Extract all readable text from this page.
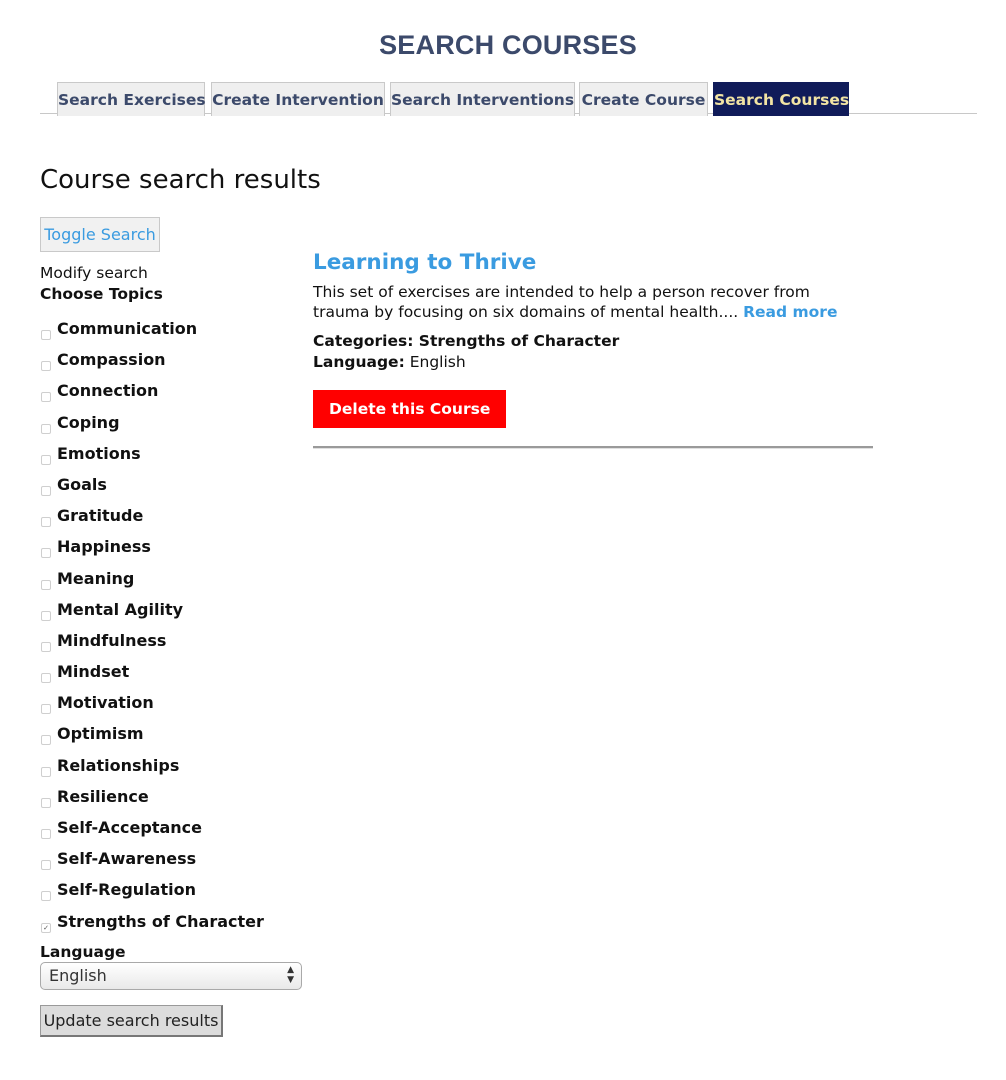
SEARCH COURSES
Search Exercises Create Intervention Search Interventions Create Course Search Courses
Course search results
Toggle Search
Modify search
Choose Topics
Communication
Compassion
Connection
Coping
Emotions
Goals
Gratitude
Happiness
Meaning
Mental Agility
Mindfulness
Mindset
Motivation
Optimism
Relationships
Resilience
Self-Acceptance
Self-Awareness
Self-Regulation
✓ Strengths of Character
Language
English	▲
▼
Update search results
Learning to Thrive
This set of exercises are intended to help a person recover from trauma by focusing on six domains of mental health.... Read more
Categories: Strengths of Character
Language: English
Delete this Course
